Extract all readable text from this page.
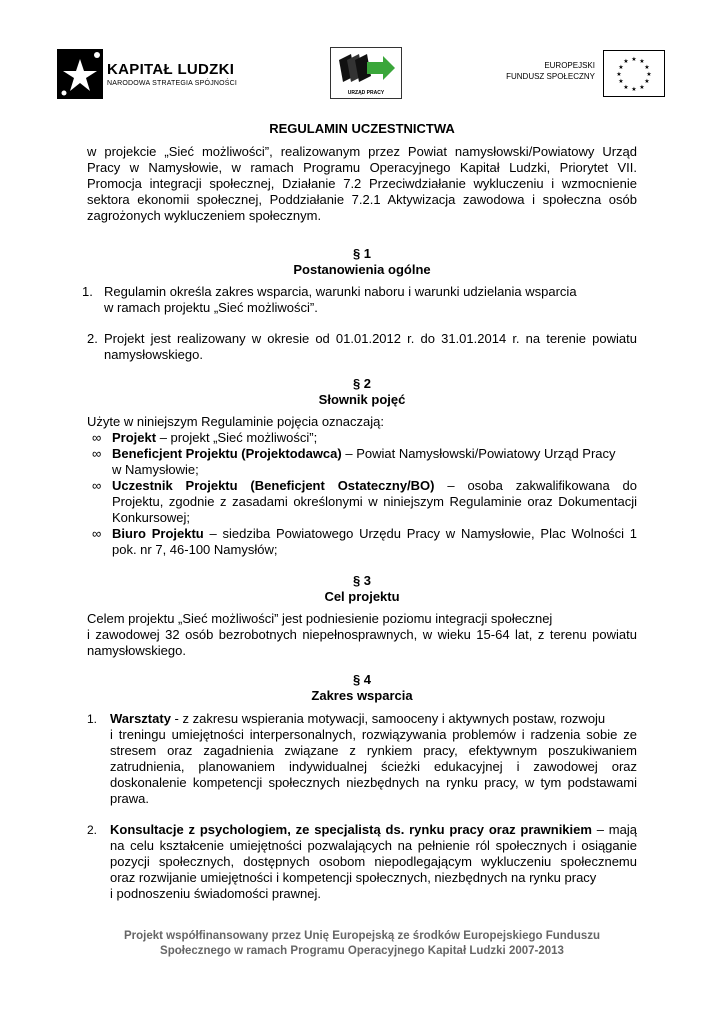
KAPITAŁ LUDZKI
NARODOWA STRATEGIA SPÓJNOŚCI
URZĄD PRACY
EUROPEJSKI
FUNDUSZ SPOŁECZNY
★ ★
★
★
★
★
★
★
★
★
★
★
REGULAMIN UCZESTNICTWA
w projekcie „Sieć możliwości”, realizowanym przez Powiat namysłowski/Powiatowy Urząd
Pracy w Namysłowie, w ramach Programu Operacyjnego Kapitał Ludzki, Priorytet VII.
Promocja integracji społecznej, Działanie 7.2 Przeciwdziałanie wykluczeniu i wzmocnienie
sektora ekonomii społecznej, Poddziałanie 7.2.1 Aktywizacja zawodowa i społeczna osób
zagrożonych wykluczeniem społecznym.
§ 1
Postanowienia ogólne
1. Regulamin określa zakres wsparcia, warunki naboru i warunki udzielania wsparcia
w ramach projektu „Sieć możliwości”.
2. Projekt jest realizowany w okresie od 01.01.2012 r. do 31.01.2014 r. na terenie powiatu
namysłowskiego.
§ 2
Słownik pojęć
Użyte w niniejszym Regulaminie pojęcia oznaczają:
∞ Projekt – projekt „Sieć możliwości”;
∞ Beneficjent Projektu (Projektodawca) – Powiat Namysłowski/Powiatowy Urząd Pracy
w Namysłowie;
∞ Uczestnik Projektu (Beneficjent Ostateczny/BO) – osoba zakwalifikowana do
Projektu, zgodnie z zasadami określonymi w niniejszym Regulaminie oraz Dokumentacji
Konkursowej;
∞ Biuro Projektu – siedziba Powiatowego Urzędu Pracy w Namysłowie, Plac Wolności 1
pok. nr 7, 46-100 Namysłów;
§ 3
Cel projektu
Celem projektu „Sieć możliwości” jest podniesienie poziomu integracji społecznej
i zawodowej 32 osób bezrobotnych niepełnosprawnych, w wieku 15-64 lat, z terenu powiatu
namysłowskiego.
§ 4
Zakres wsparcia
1. Warsztaty - z zakresu wspierania motywacji, samooceny i aktywnych postaw, rozwoju
i treningu umiejętności interpersonalnych, rozwiązywania problemów i radzenia sobie ze
stresem oraz zagadnienia związane z rynkiem pracy, efektywnym poszukiwaniem
zatrudnienia, planowaniem indywidualnej ścieżki edukacyjnej i zawodowej oraz
doskonalenie kompetencji społecznych niezbędnych na rynku pracy, w tym podstawami
prawa.
2. Konsultacje z psychologiem, ze specjalistą ds. rynku pracy oraz prawnikiem – mają
na celu kształcenie umiejętności pozwalających na pełnienie ról społecznych i osiąganie
pozycji społecznych, dostępnych osobom niepodlegającym wykluczeniu społecznemu
oraz rozwijanie umiejętności i kompetencji społecznych, niezbędnych na rynku pracy
i podnoszeniu świadomości prawnej.
Projekt współfinansowany przez Unię Europejską ze środków Europejskiego Funduszu
Społecznego w ramach Programu Operacyjnego Kapitał Ludzki 2007-2013
